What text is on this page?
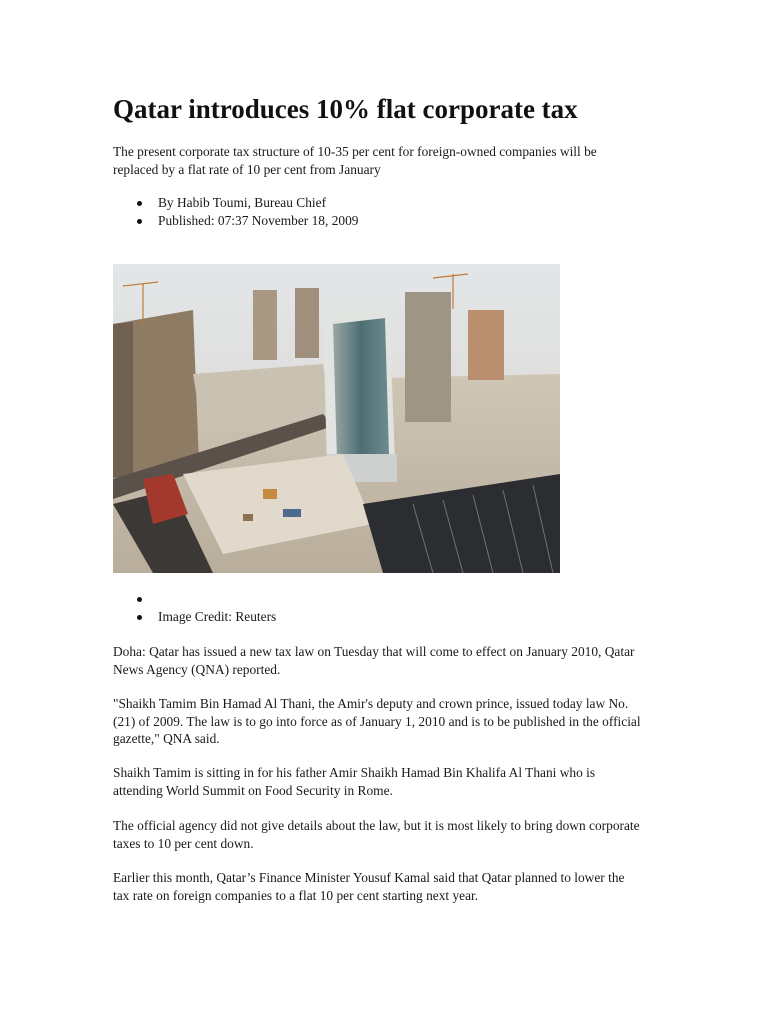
Qatar introduces 10% flat corporate tax

The present corporate tax structure of 10-35 per cent for foreign-owned companies will be replaced by a flat rate of 10 per cent from January

By Habib Toumi, Bureau Chief
Published: 07:37 November 18, 2009
Image Credit: Reuters

Doha: Qatar has issued a new tax law on Tuesday that will come to effect on January 2010, Qatar News Agency (QNA) reported.

"Shaikh Tamim Bin Hamad Al Thani, the Amir's deputy and crown prince, issued today law No. (21) of 2009. The law is to go into force as of January 1, 2010 and is to be published in the official gazette," QNA said.

Shaikh Tamim is sitting in for his father Amir Shaikh Hamad Bin Khalifa Al Thani who is attending World Summit on Food Security in Rome.

The official agency did not give details about the law, but it is most likely to bring down corporate taxes to 10 per cent down.

Earlier this month, Qatar’s Finance Minister Yousuf Kamal said that Qatar planned to lower the tax rate on foreign companies to a flat 10 per cent starting next year.
